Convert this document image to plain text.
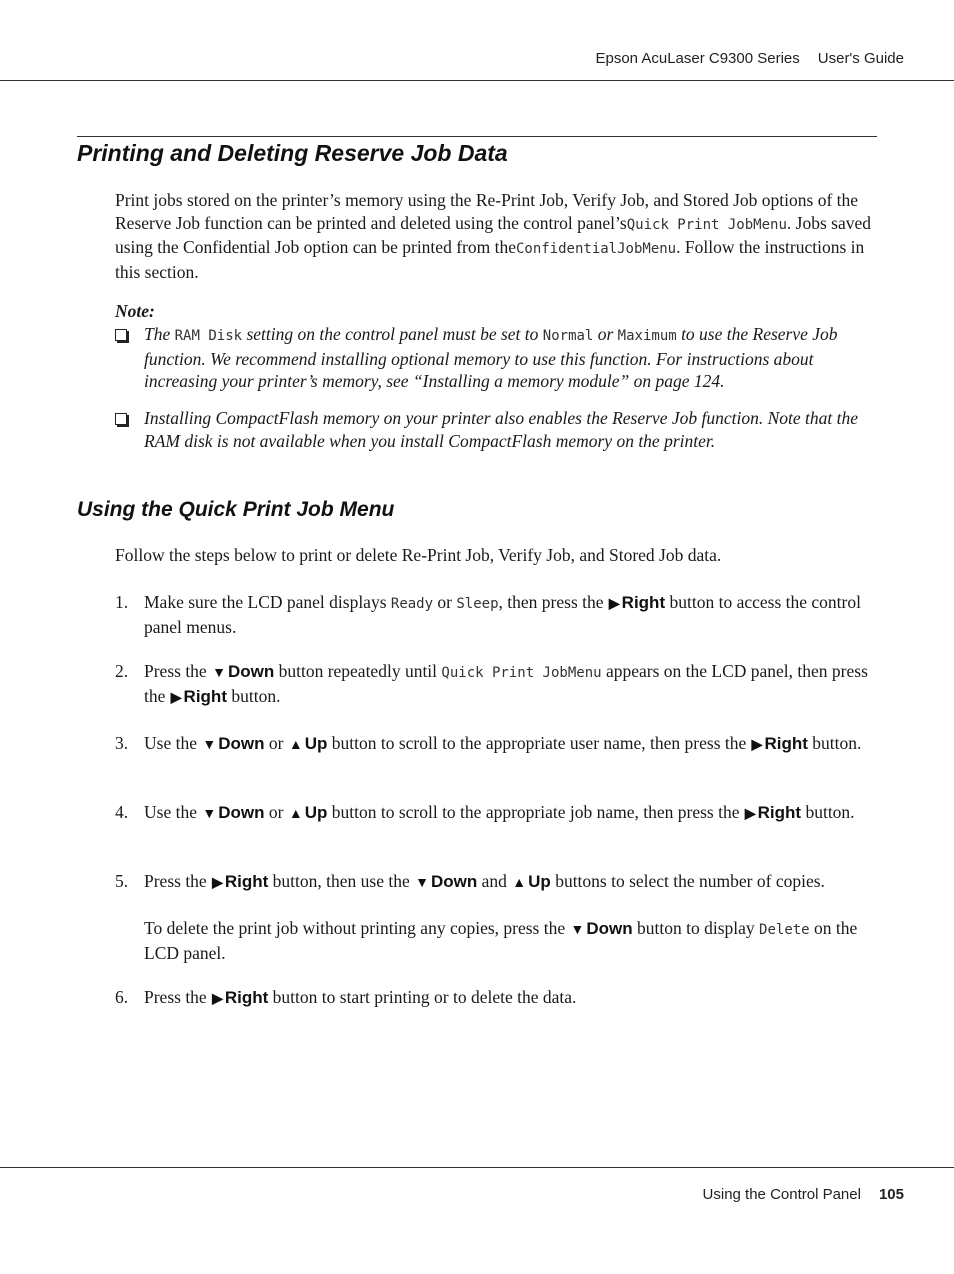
Epson AcuLaser C9300 Series User's Guide
Printing and Deleting Reserve Job Data
Print jobs stored on the printer’s memory using the Re-Print Job, Verify Job, and Stored Job options of the Reserve Job function can be printed and deleted using the control panel’sQuick Print JobMenu. Jobs saved using the Confidential Job option can be printed from theConfidentialJobMenu. Follow the instructions in this section.
Note:
The RAM Disk setting on the control panel must be set to Normal or Maximum to use the Reserve Job function. We recommend installing optional memory to use this function. For instructions about increasing your printer’s memory, see “Installing a memory module” on page 124.
Installing CompactFlash memory on your printer also enables the Reserve Job function. Note that the RAM disk is not available when you install CompactFlash memory on the printer.
Using the Quick Print Job Menu
Follow the steps below to print or delete Re-Print Job, Verify Job, and Stored Job data.
1. Make sure the LCD panel displays Ready or Sleep, then press the ▶ Right button to access the control panel menus.
2. Press the ▼ Down button repeatedly until Quick Print JobMenu appears on the LCD panel, then press the ▶ Right button.
3. Use the ▼ Down or ▲ Up button to scroll to the appropriate user name, then press the ▶ Right button.
4. Use the ▼ Down or ▲ Up button to scroll to the appropriate job name, then press the ▶ Right button.
5. Press the ▶ Right button, then use the ▼ Down and ▲ Up buttons to select the number of copies.
To delete the print job without printing any copies, press the ▼ Down button to display Delete on the LCD panel.
6. Press the ▶ Right button to start printing or to delete the data.
Using the Control Panel 105
